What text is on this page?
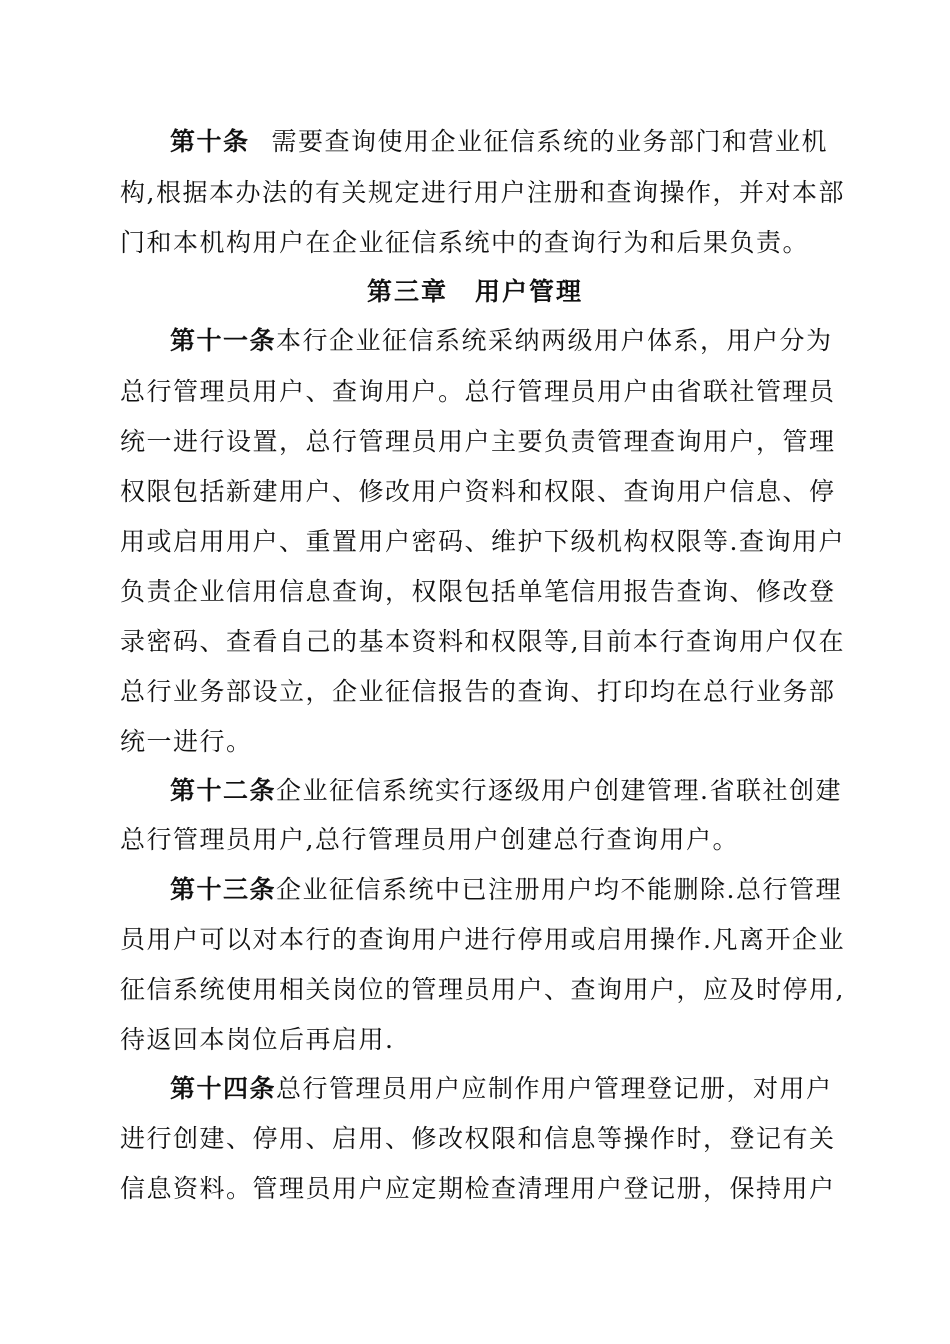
第十条 需要查询使用企业征信系统的业务部门和营业机
构,根据本办法的有关规定进行用户注册和查询操作，并对本部
门和本机构用户在企业征信系统中的查询行为和后果负责。
第三章　用户管理
第十一条本行企业征信系统采纳两级用户体系，用户分为
总行管理员用户、查询用户。总行管理员用户由省联社管理员
统一进行设置，总行管理员用户主要负责管理查询用户，管理
权限包括新建用户、修改用户资料和权限、查询用户信息、停
用或启用用户、重置用户密码、维护下级机构权限等.查询用户
负责企业信用信息查询，权限包括单笔信用报告查询、修改登
录密码、查看自己的基本资料和权限等,目前本行查询用户仅在
总行业务部设立，企业征信报告的查询、打印均在总行业务部
统一进行。
第十二条企业征信系统实行逐级用户创建管理.省联社创建
总行管理员用户,总行管理员用户创建总行查询用户。
第十三条企业征信系统中已注册用户均不能删除.总行管理
员用户可以对本行的查询用户进行停用或启用操作.凡离开企业
征信系统使用相关岗位的管理员用户、查询用户，应及时停用,
待返回本岗位后再启用.
第十四条总行管理员用户应制作用户管理登记册，对用户
进行创建、停用、启用、修改权限和信息等操作时，登记有关
信息资料。管理员用户应定期检查清理用户登记册，保持用户
